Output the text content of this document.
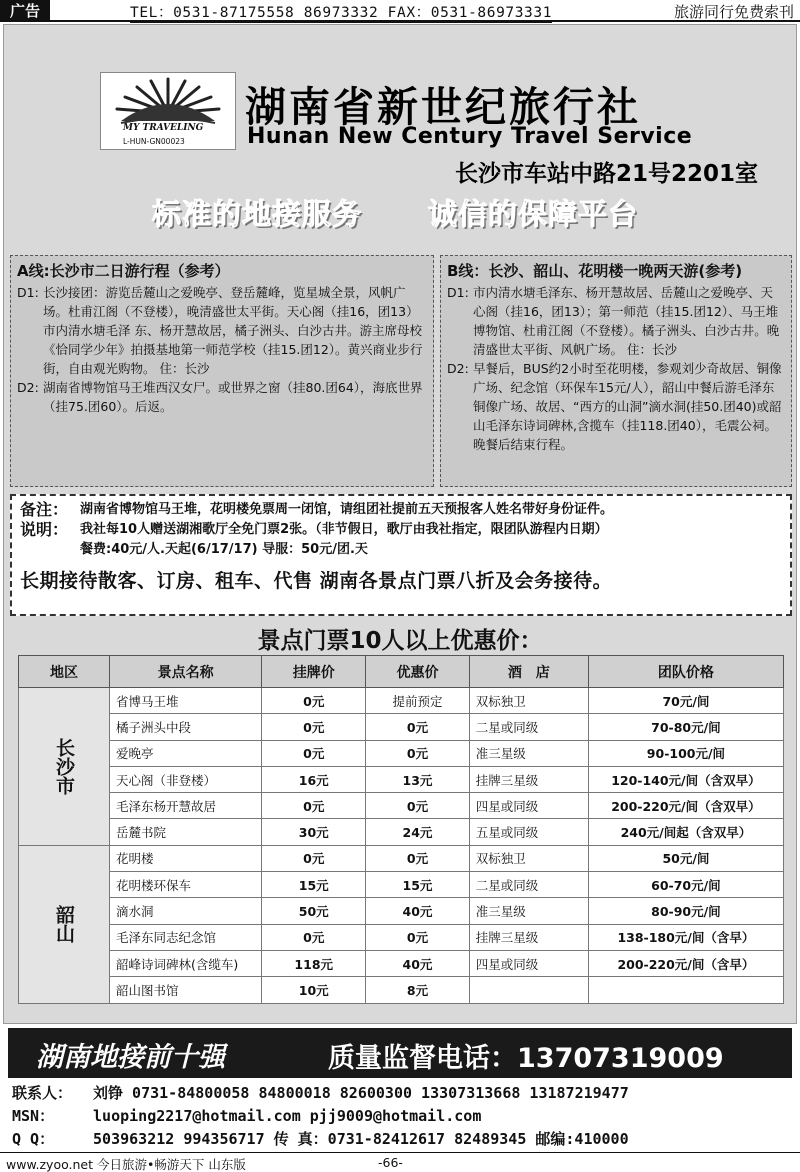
广告	TEL：0531-87175558 86973332 FAX：0531-86973331	旅游同行免费索刊
MY TRAVELING
L-HUN-GN00023
湖南省新世纪旅行社
Hunan New Century Travel Service
长沙市车站中路21号2201室
标准的地接服务 诚信的保障平台
A线:长沙市二日游行程（参考）
D1: 长沙接团：游览岳麓山之爱晚亭、登岳麓峰，览星城全景，风帆广场。杜甫江阁（不登楼），晚清盛世太平街。天心阁（挂16，团13）市内清水塘毛泽 东、杨开慧故居，橘子洲头、白沙古井。游主席母校《恰同学少年》拍摄基地第一师范学校（挂15.团12）。黄兴商业步行街，自由观光购物。 住：长沙
D2: 湖南省博物馆马王堆西汉女尸。或世界之窗（挂80.团64），海底世界（挂75.团60）。后返。
B线：长沙、韶山、花明楼一晚两天游(参考)
D1: 市内清水塘毛泽东、杨开慧故居、岳麓山之爱晚亭、天心阁（挂16，团13）；第一师范（挂15.团12）、马王堆博物馆、杜甫江阁（不登楼）。橘子洲头、白沙古井。晚清盛世太平街、风帆广场。 住：长沙
D2: 早餐后，BUS约2小时至花明楼，参观刘少奇故居、铜像广场、纪念馆（环保车15元/人），韶山中餐后游毛泽东铜像广场、故居、“西方的山洞”滴水洞(挂50.团40)或韶山毛泽东诗词碑林,含揽车（挂118.团40），毛震公祠。晚餐后结束行程。
备注： 湖南省博物馆马王堆，花明楼免票周一闭馆，请组团社提前五天预报客人姓名带好身份证件。
说明： 我社每10人赠送湖湘歌厅全免门票2张。（非节假日，歌厅由我社指定，限团队游程内日期）
餐费:40元/人.天起(6/17/17) 导服：50元/团.天
长期接待散客、订房、租车、代售 湖南各景点门票八折及会务接待。
景点门票10人以上优惠价：
地区	景点名称	挂牌价	优惠价	酒　店	团队价格
长沙市	省博马王堆	0元	提前预定	双标独卫	70元/间
	橘子洲头中段	0元	0元	二星或同级	70-80元/间
	爱晚亭	0元	0元	准三星级	90-100元/间
	天心阁（非登楼）	16元	13元	挂牌三星级	120-140元/间（含双早）
	毛泽东杨开慧故居	0元	0元	四星或同级	200-220元/间（含双早）
	岳麓书院	30元	24元	五星或同级	240元/间起（含双早）
韶山	花明楼	0元	0元	双标独卫	50元/间
	花明楼环保车	15元	15元	二星或同级	60-70元/间
	滴水洞	50元	40元	准三星级	80-90元/间
	毛泽东同志纪念馆	0元	0元	挂牌三星级	138-180元/间（含早）
	韶峰诗词碑林(含缆车)	118元	40元	四星或同级	200-220元/间（含早）
	韶山图书馆	10元	8元		
湖南地接前十强	质量监督电话：13707319009
联系人： 刘铮 0731-84800058 84800018 82600300 13307313668 13187219477
MSN：	luoping2217@hotmail.com pjj9009@hotmail.com
Q Q：	503963212 994356717 传 真：0731-82412617 82489345 邮编:410000
www.zyoo.net 今日旅游•畅游天下 山东版	-66-
